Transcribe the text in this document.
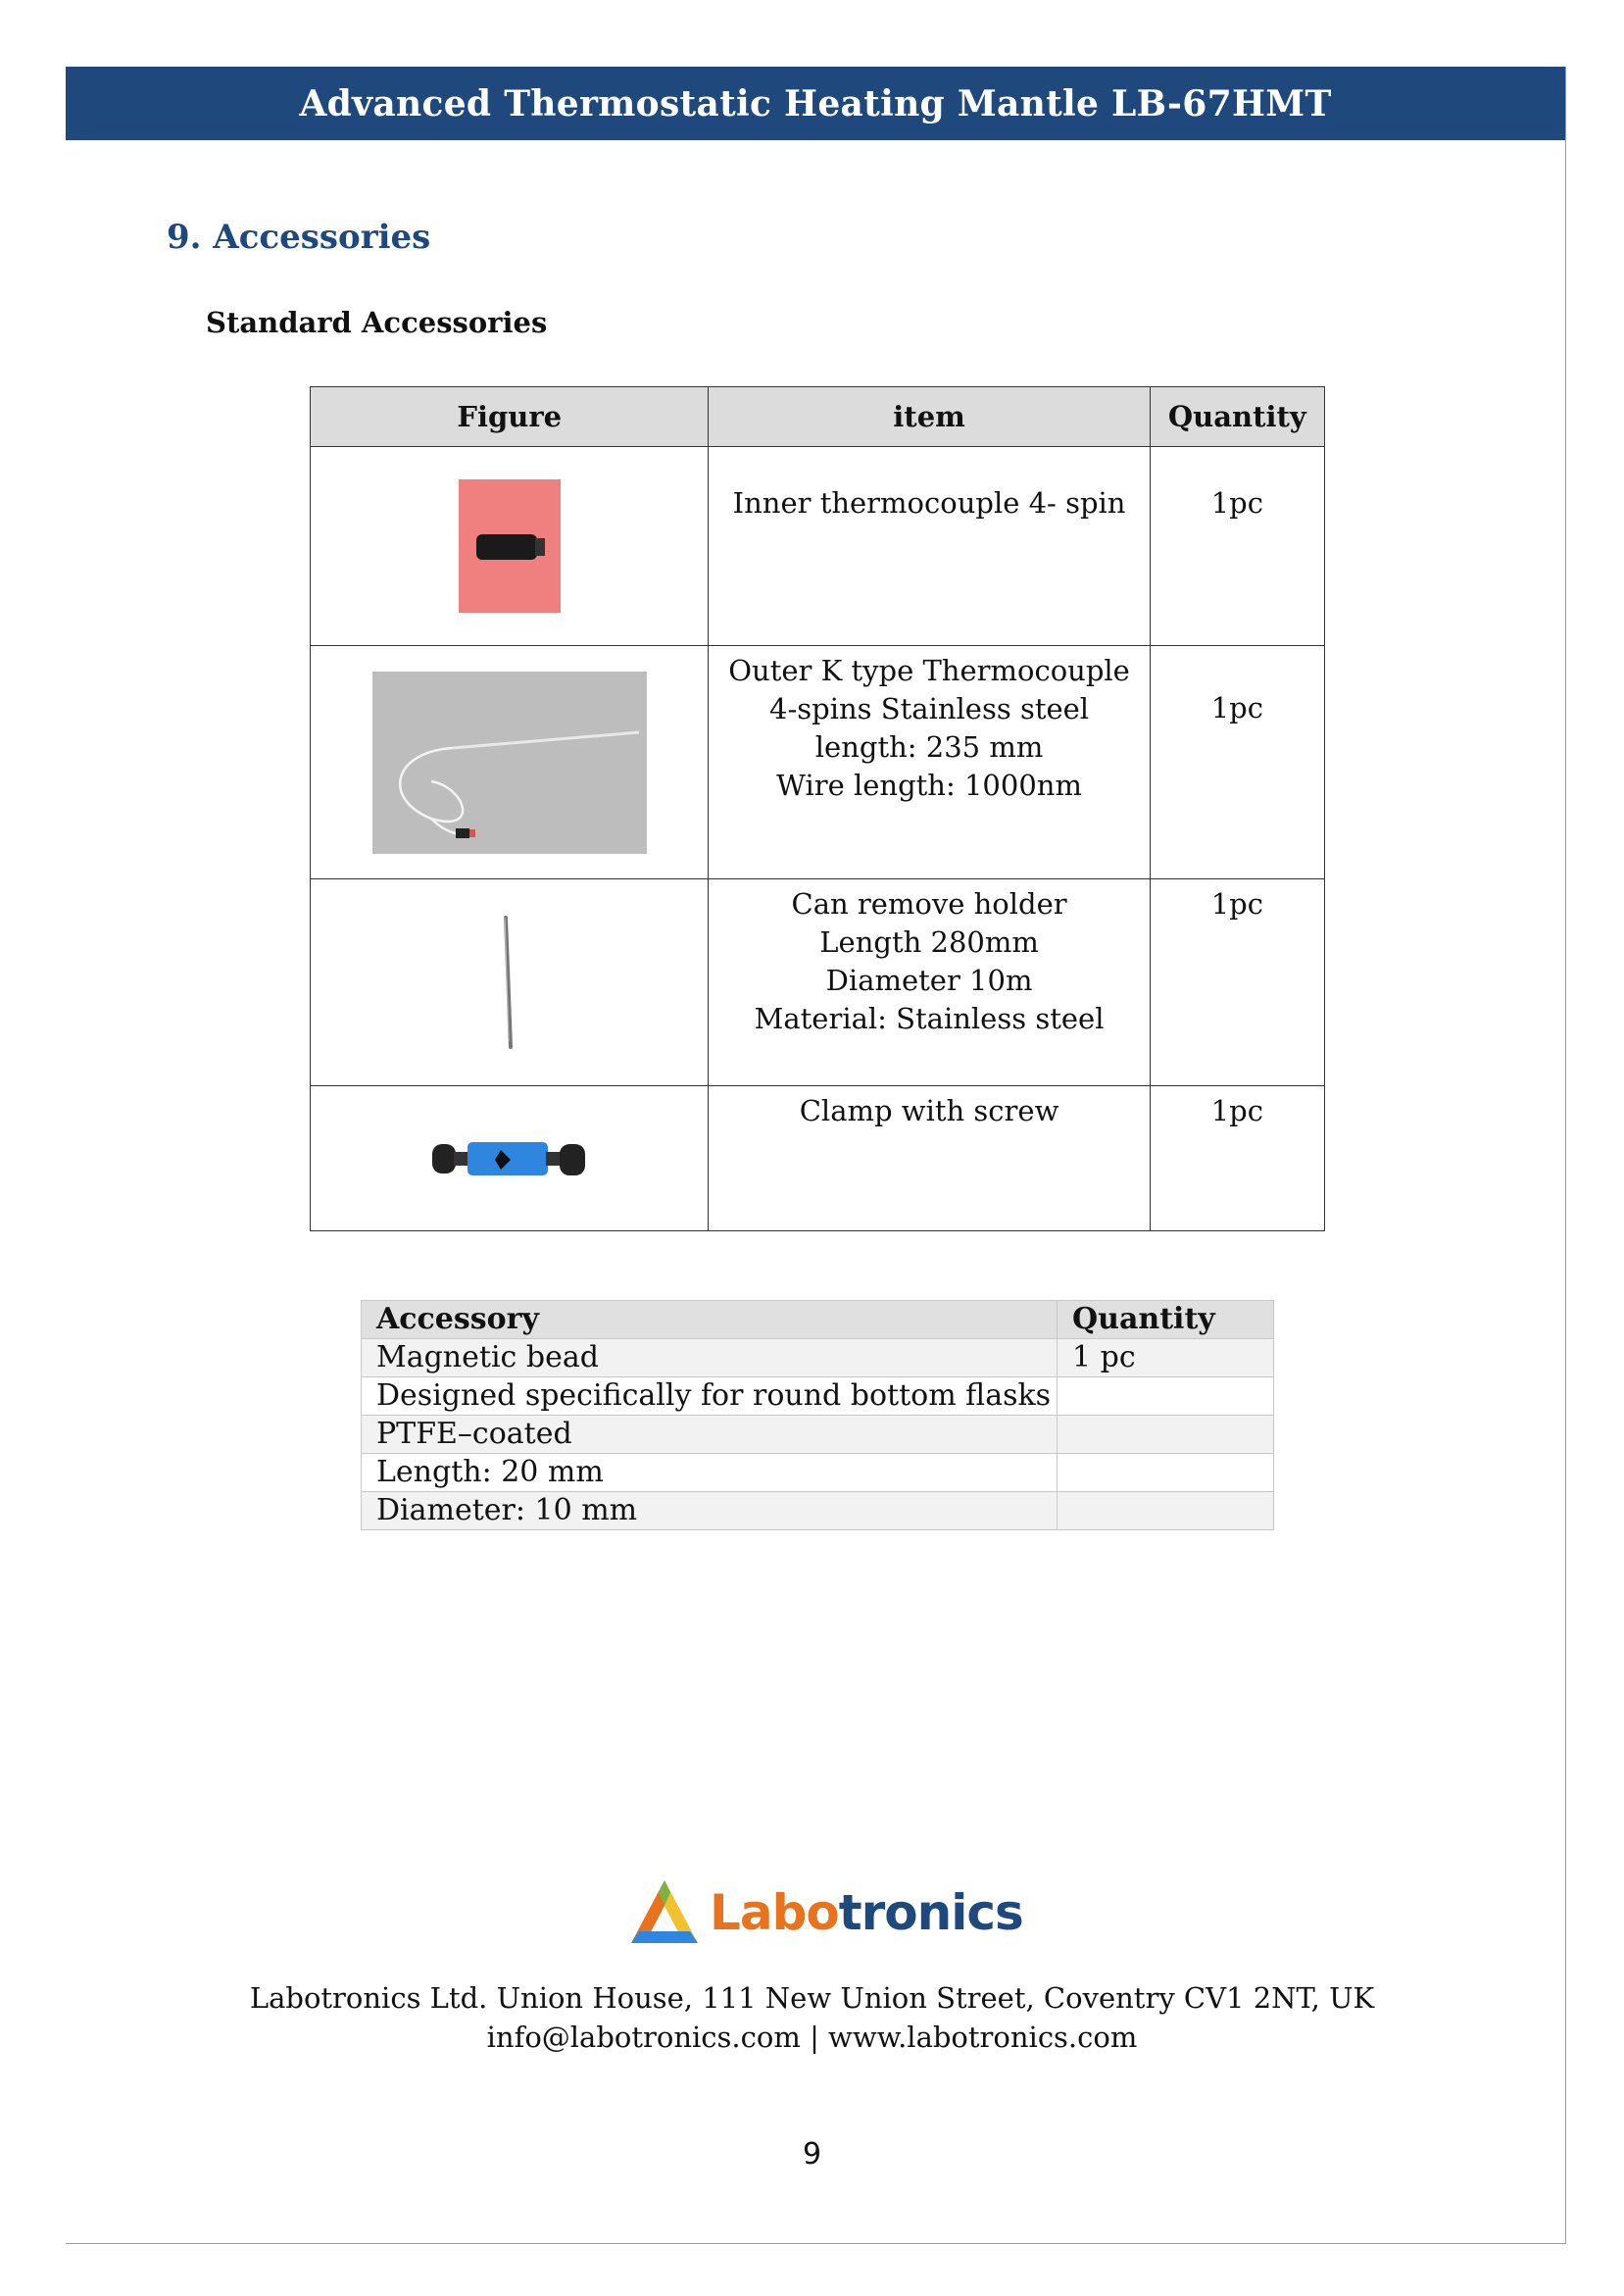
Advanced Thermostatic Heating Mantle LB-67HMT
9. Accessories
Standard Accessories
Figure	item	Quantity

	Inner thermocouple 4- spin	1pc

Outer K type Thermocouple
4-spins Stainless steel
length: 235 mm
Wire length: 1000nm	1pc

Can remove holder
Length 280mm
Diameter 10m
Material: Stainless steel	1pc

Clamp with screw	1pc
Accessory	Quantity
Magnetic bead	1 pc
Designed specifically for round bottom flasks	
PTFE–coated	
Length: 20 mm	
Diameter: 10 mm	
Labotronics
Labotronics Ltd. Union House, 111 New Union Street, Coventry CV1 2NT, UK
info@labotronics.com | www.labotronics.com
9
